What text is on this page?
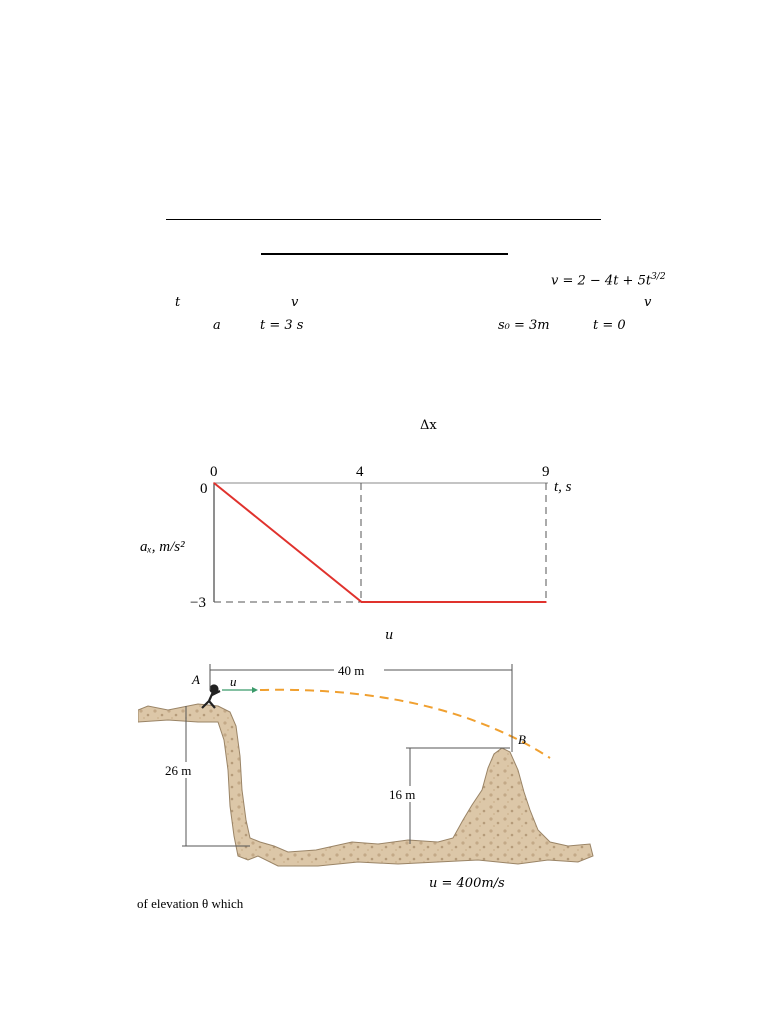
$v = 2 - 4t + 5t^{3/2}$
t	v	v
a	t = 3 s	s₀ = 3m	t = 0
Δx
0	4	9
0
−3
t, s
aₓ, m/s²
u
40 m
26 m
16 m
A u
B
u = 400m/s
of elevation θ which
